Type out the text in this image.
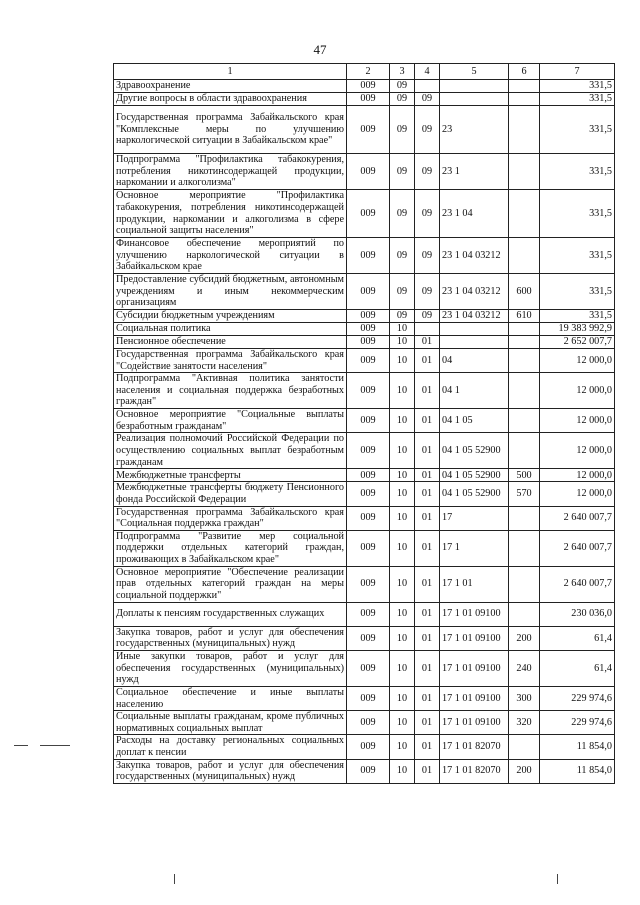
47
1	2	3	4	5	6	7
Здравоохранение	009	09				331,5
Другие вопросы в области здравоохранения	009	09	09			331,5
Государственная программа Забайкальского края "Комплексные меры по улучшению наркологической ситуации в Забайкальском крае"	009	09	09	23		331,5
Подпрограмма "Профилактика табакокурения, потребления никотинсодержащей продукции, наркомании и алкоголизма"	009	09	09	23 1		331,5
Основное мероприятие "Профилактика табакокурения, потребления никотинсодержащей продукции, наркомании и алкоголизма в сфере социальной защиты населения"	009	09	09	23 1 04		331,5
Финансовое обеспечение мероприятий по улучшению наркологической ситуации в Забайкальском крае	009	09	09	23 1 04 03212		331,5
Предоставление субсидий бюджетным, автономным учреждениям и иным некоммерческим организациям	009	09	09	23 1 04 03212	600	331,5
Субсидии бюджетным учреждениям	009	09	09	23 1 04 03212	610	331,5
Социальная политика	009	10				19 383 992,9
Пенсионное обеспечение	009	10	01			2 652 007,7
Государственная программа Забайкальского края "Содействие занятости населения"	009	10	01	04		12 000,0
Подпрограмма "Активная политика занятости населения и социальная поддержка безработных граждан"	009	10	01	04 1		12 000,0
Основное мероприятие "Социальные выплаты безработным гражданам"	009	10	01	04 1 05		12 000,0
Реализация полномочий Российской Федерации по осуществлению социальных выплат безработным гражданам	009	10	01	04 1 05 52900		12 000,0
Межбюджетные трансферты	009	10	01	04 1 05 52900	500	12 000,0
Межбюджетные трансферты бюджету Пенсионного фонда Российской Федерации	009	10	01	04 1 05 52900	570	12 000,0
Государственная программа Забайкальского края "Социальная поддержка граждан"	009	10	01	17		2 640 007,7
Подпрограмма "Развитие мер социальной поддержки отдельных категорий граждан, проживающих в Забайкальском крае"	009	10	01	17 1		2 640 007,7
Основное мероприятие "Обеспечение реализации прав отдельных категорий граждан на меры социальной поддержки"	009	10	01	17 1 01		2 640 007,7
Доплаты к пенсиям государственных служащих	009	10	01	17 1 01 09100		230 036,0
Закупка товаров, работ и услуг для обеспечения государственных (муниципальных) нужд	009	10	01	17 1 01 09100	200	61,4
Иные закупки товаров, работ и услуг для обеспечения государственных (муниципальных) нужд	009	10	01	17 1 01 09100	240	61,4
Социальное обеспечение и иные выплаты населению	009	10	01	17 1 01 09100	300	229 974,6
Социальные выплаты гражданам, кроме публичных нормативных социальных выплат	009	10	01	17 1 01 09100	320	229 974,6
Расходы на доставку региональных социальных доплат к пенсии	009	10	01	17 1 01 82070		11 854,0
Закупка товаров, работ и услуг для обеспечения государственных (муниципальных) нужд	009	10	01	17 1 01 82070	200	11 854,0
